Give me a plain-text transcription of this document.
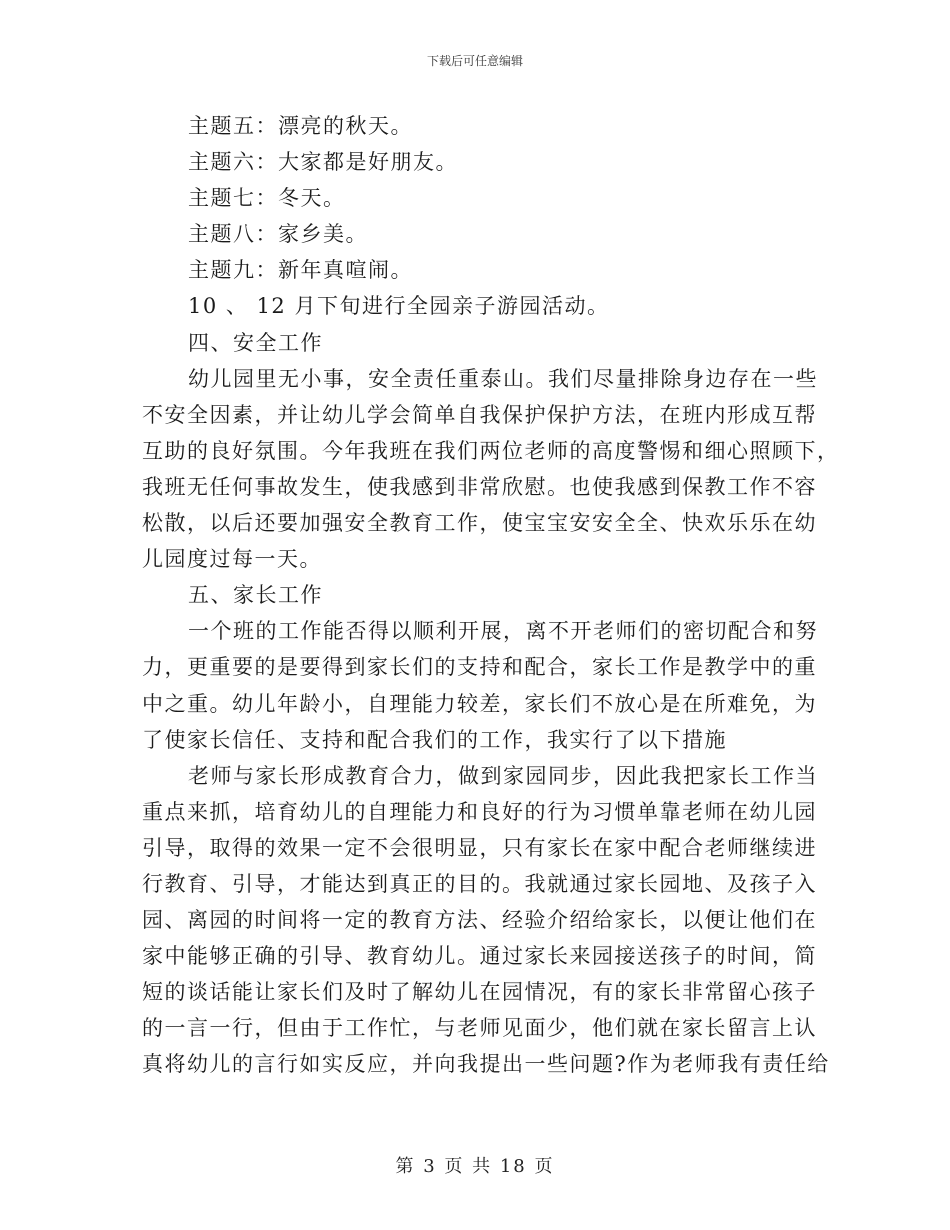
下载后可任意编辑
主题五：漂亮的秋天。
主题六：大家都是好朋友。
主题七：冬天。
主题八：家乡美。
主题九：新年真喧闹。
10 、 12 月下旬进行全园亲子游园活动。
四、安全工作
幼儿园里无小事，安全责任重泰山。我们尽量排除身边存在一些
不安全因素，并让幼儿学会简单自我保护保护方法，在班内形成互帮
互助的良好氛围。今年我班在我们两位老师的高度警惕和细心照顾下，
我班无任何事故发生，使我感到非常欣慰。也使我感到保教工作不容
松散，以后还要加强安全教育工作，使宝宝安安全全、快欢乐乐在幼
儿园度过每一天。
五、家长工作
一个班的工作能否得以顺利开展，离不开老师们的密切配合和努
力，更重要的是要得到家长们的支持和配合，家长工作是教学中的重
中之重。幼儿年龄小，自理能力较差，家长们不放心是在所难免，为
了使家长信任、支持和配合我们的工作，我实行了以下措施
老师与家长形成教育合力，做到家园同步，因此我把家长工作当
重点来抓，培育幼儿的自理能力和良好的行为习惯单靠老师在幼儿园
引导，取得的效果一定不会很明显，只有家长在家中配合老师继续进
行教育、引导，才能达到真正的目的。我就通过家长园地、及孩子入
园、离园的时间将一定的教育方法、经验介绍给家长，以便让他们在
家中能够正确的引导、教育幼儿。通过家长来园接送孩子的时间，简
短的谈话能让家长们及时了解幼儿在园情况，有的家长非常留心孩子
的一言一行，但由于工作忙，与老师见面少，他们就在家长留言上认
真将幼儿的言行如实反应，并向我提出一些问题?作为老师我有责任给
第 3 页 共 18 页
